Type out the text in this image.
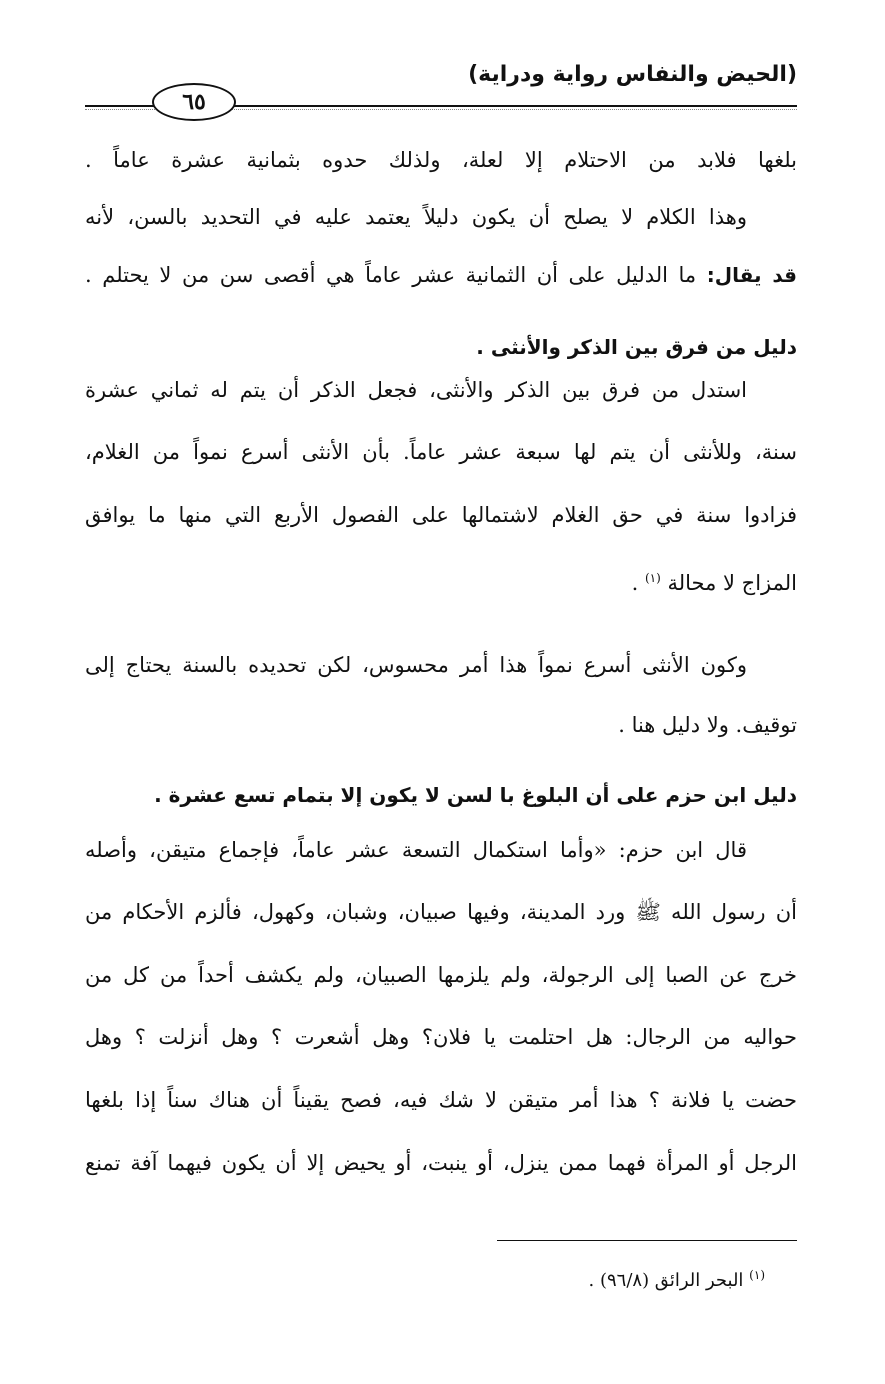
(الحيض والنفاس رواية ودراية)
٦٥
بلغها فلابد من الاحتلام إلا لعلة، ولذلك حدوه بثمانية عشرة عاماً .
وهذا الكلام لا يصلح أن يكون دليلاً يعتمد عليه في التحديد بالسن، لأنه
قد يقال: ما الدليل على أن الثمانية عشر عاماً هي أقصى سن من لا يحتلم .
دليل من فرق بين الذكر والأنثى .
استدل من فرق بين الذكر والأنثى، فجعل الذكر أن يتم له ثماني عشرة
سنة، وللأنثى أن يتم لها سبعة عشر عاماً. بأن الأنثى أسرع نمواً من الغلام،
فزادوا سنة في حق الغلام لاشتمالها على الفصول الأربع التي منها ما يوافق
المزاج لا محالة $^{(١)}$ .
وكون الأنثى أسرع نمواً هذا أمر محسوس، لكن تحديده بالسنة يحتاج إلى
توقيف. ولا دليل هنا .
دليل ابن حزم على أن البلوغ با لسن لا يكون إلا بتمام تسع عشرة .
قال ابن حزم: «وأما استكمال التسعة عشر عاماً، فإجماع متيقن، وأصله
أن رسول الله ﷺ ورد المدينة، وفيها صبيان، وشبان، وكهول، فألزم الأحكام من
خرج عن الصبا إلى الرجولة، ولم يلزمها الصبيان، ولم يكشف أحداً من كل من
حواليه من الرجال: هل احتلمت يا فلان؟ وهل أشعرت ؟ وهل أنزلت ؟ وهل
حضت يا فلانة ؟ هذا أمر متيقن لا شك فيه، فصح يقيناً أن هناك سناً إذا بلغها
الرجل أو المرأة فهما ممن ينزل، أو ينبت، أو يحيض إلا أن يكون فيهما آفة تمنع
$^{(١)}$ البحر الرائق (٩٦/٨) .
